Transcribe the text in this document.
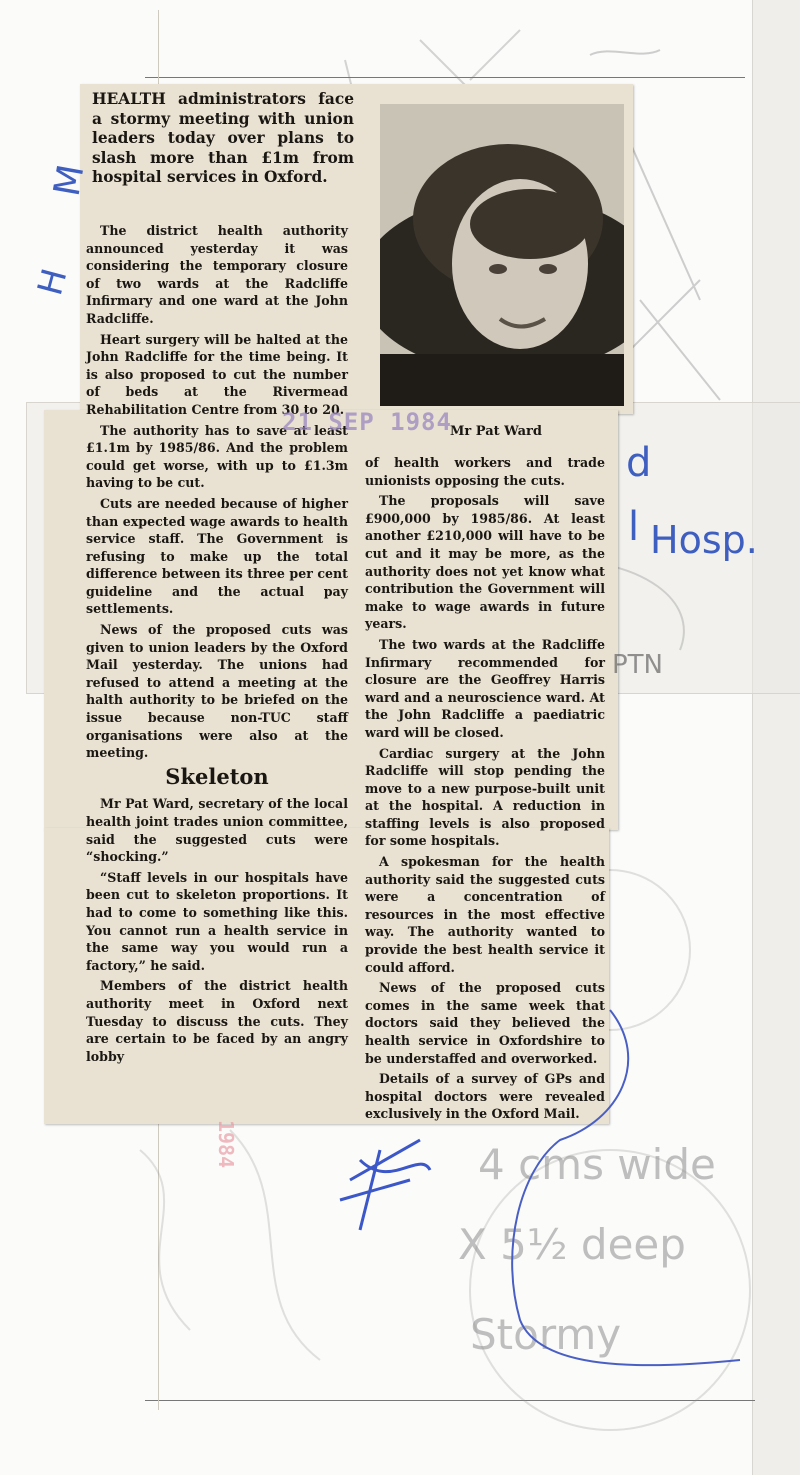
HEALTH administrators face a stormy meeting with union leaders today over plans to slash more than £1m from hospital services in Oxford.

The district health authority announced yesterday it was considering the temporary closure of two wards at the Radcliffe Infirmary and one ward at the John Radcliffe.

Heart surgery will be halted at the John Radcliffe for the time being. It is also proposed to cut the number of beds at the Rivermead Rehabilitation Centre from 30 to 20.

The authority has to save at least £1.1m by 1985/86. And the problem could get worse, with up to £1.3m having to be cut.

Cuts are needed because of higher than expected wage awards to health service staff. The Government is refusing to make up the total difference between its three per cent guideline and the actual pay settlements.

News of the proposed cuts was given to union leaders by the Oxford Mail yesterday. The unions had refused to attend a meeting at the halth authority to be briefed on the issue because non-TUC staff organisations were also at the meeting.

Skeleton

Mr Pat Ward, secretary of the local health joint trades union committee, said the suggested cuts were “shocking.”

“Staff levels in our hospitals have been cut to skeleton proportions. It had to come to something like this. You cannot run a health service in the same way you would run a factory,” he said.

Members of the district health authority meet in Oxford next Tuesday to discuss the cuts. They are certain to be faced by an angry lobby

Mr Pat Ward

of health workers and trade unionists opposing the cuts.

The proposals will save £900,000 by 1985/86. At least another £210,000 will have to be cut and it may be more, as the authority does not yet know what contribution the Government will make to wage awards in future years.

The two wards at the Radcliffe Infirmary recommended for closure are the Geoffrey Harris ward and a neuroscience ward. At the John Radcliffe a paediatric ward will be closed.

Cardiac surgery at the John Radcliffe will stop pending the move to a new purpose-built unit at the hospital. A reduction in staffing levels is also proposed for some hospitals.

A spokesman for the health authority said the suggested cuts were a concentration of resources in the most effective way. The authority wanted to provide the best health service it could afford.

News of the proposed cuts comes in the same week that doctors said they believed the health service in Oxfordshire to be understaffed and overworked.

Details of a survey of GPs and hospital doctors were revealed exclusively in the Oxford Mail.

21 SEP 1984
1984
M
H
d
l Hosp.
PTN
4 cms wide
X 5½ deep
Stormy
